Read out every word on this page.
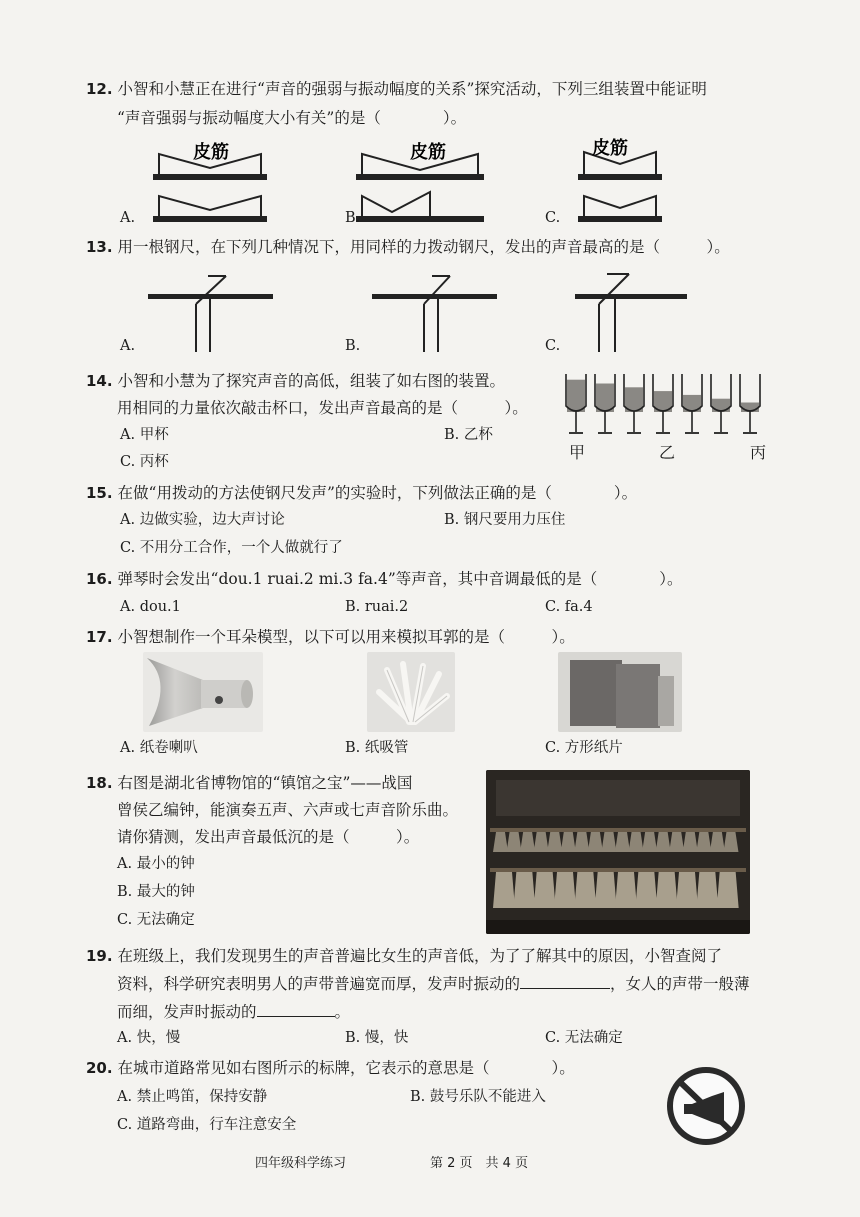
12. 小智和小慧正在进行“声音的强弱与振动幅度的关系”探究活动，下列三组装置中能证明
“声音强弱与振动幅度大小有关”的是（　　　　）。
皮筋
A.
皮筋
B.
皮筋
C.
13. 用一根钢尺，在下列几种情况下，用同样的力拨动钢尺，发出的声音最高的是（　　　）。
A.	B.	C.
14. 小智和小慧为了探究声音的高低，组装了如右图的装置。
用相同的力量依次敲击杯口，发出声音最高的是（　　　）。
A. 甲杯	B. 乙杯
C. 丙杯	甲	乙	丙
15. 在做“用拨动的方法使钢尺发声”的实验时，下列做法正确的是（　　　　）。
A. 边做实验，边大声讨论	B. 钢尺要用力压住
C. 不用分工合作，一个人做就行了
16. 弹琴时会发出“dou.1 ruai.2 mi.3 fa.4”等声音，其中音调最低的是（　　　　）。
A. dou.1	B. ruai.2	C. fa.4
17. 小智想制作一个耳朵模型，以下可以用来模拟耳郭的是（　　　）。
A. 纸卷喇叭	B. 纸吸管	C. 方形纸片
18. 右图是湖北省博物馆的“镇馆之宝”——战国
曾侯乙编钟，能演奏五声、六声或七声音阶乐曲。
请你猜测，发出声音最低沉的是（　　　）。
A. 最小的钟
B. 最大的钟
C. 无法确定
19. 在班级上，我们发现男生的声音普遍比女生的声音低，为了了解其中的原因，小智查阅了
资料，科学研究表明男人的声带普遍宽而厚，发声时振动的	，女人的声带一般薄
而细，发声时振动的	。
A. 快，慢	B. 慢，快	C. 无法确定
20. 在城市道路常见如右图所示的标牌，它表示的意思是（　　　　）。
A. 禁止鸣笛，保持安静	B. 鼓号乐队不能进入
C. 道路弯曲，行车注意安全
四年级科学练习	第 2 页　共 4 页
